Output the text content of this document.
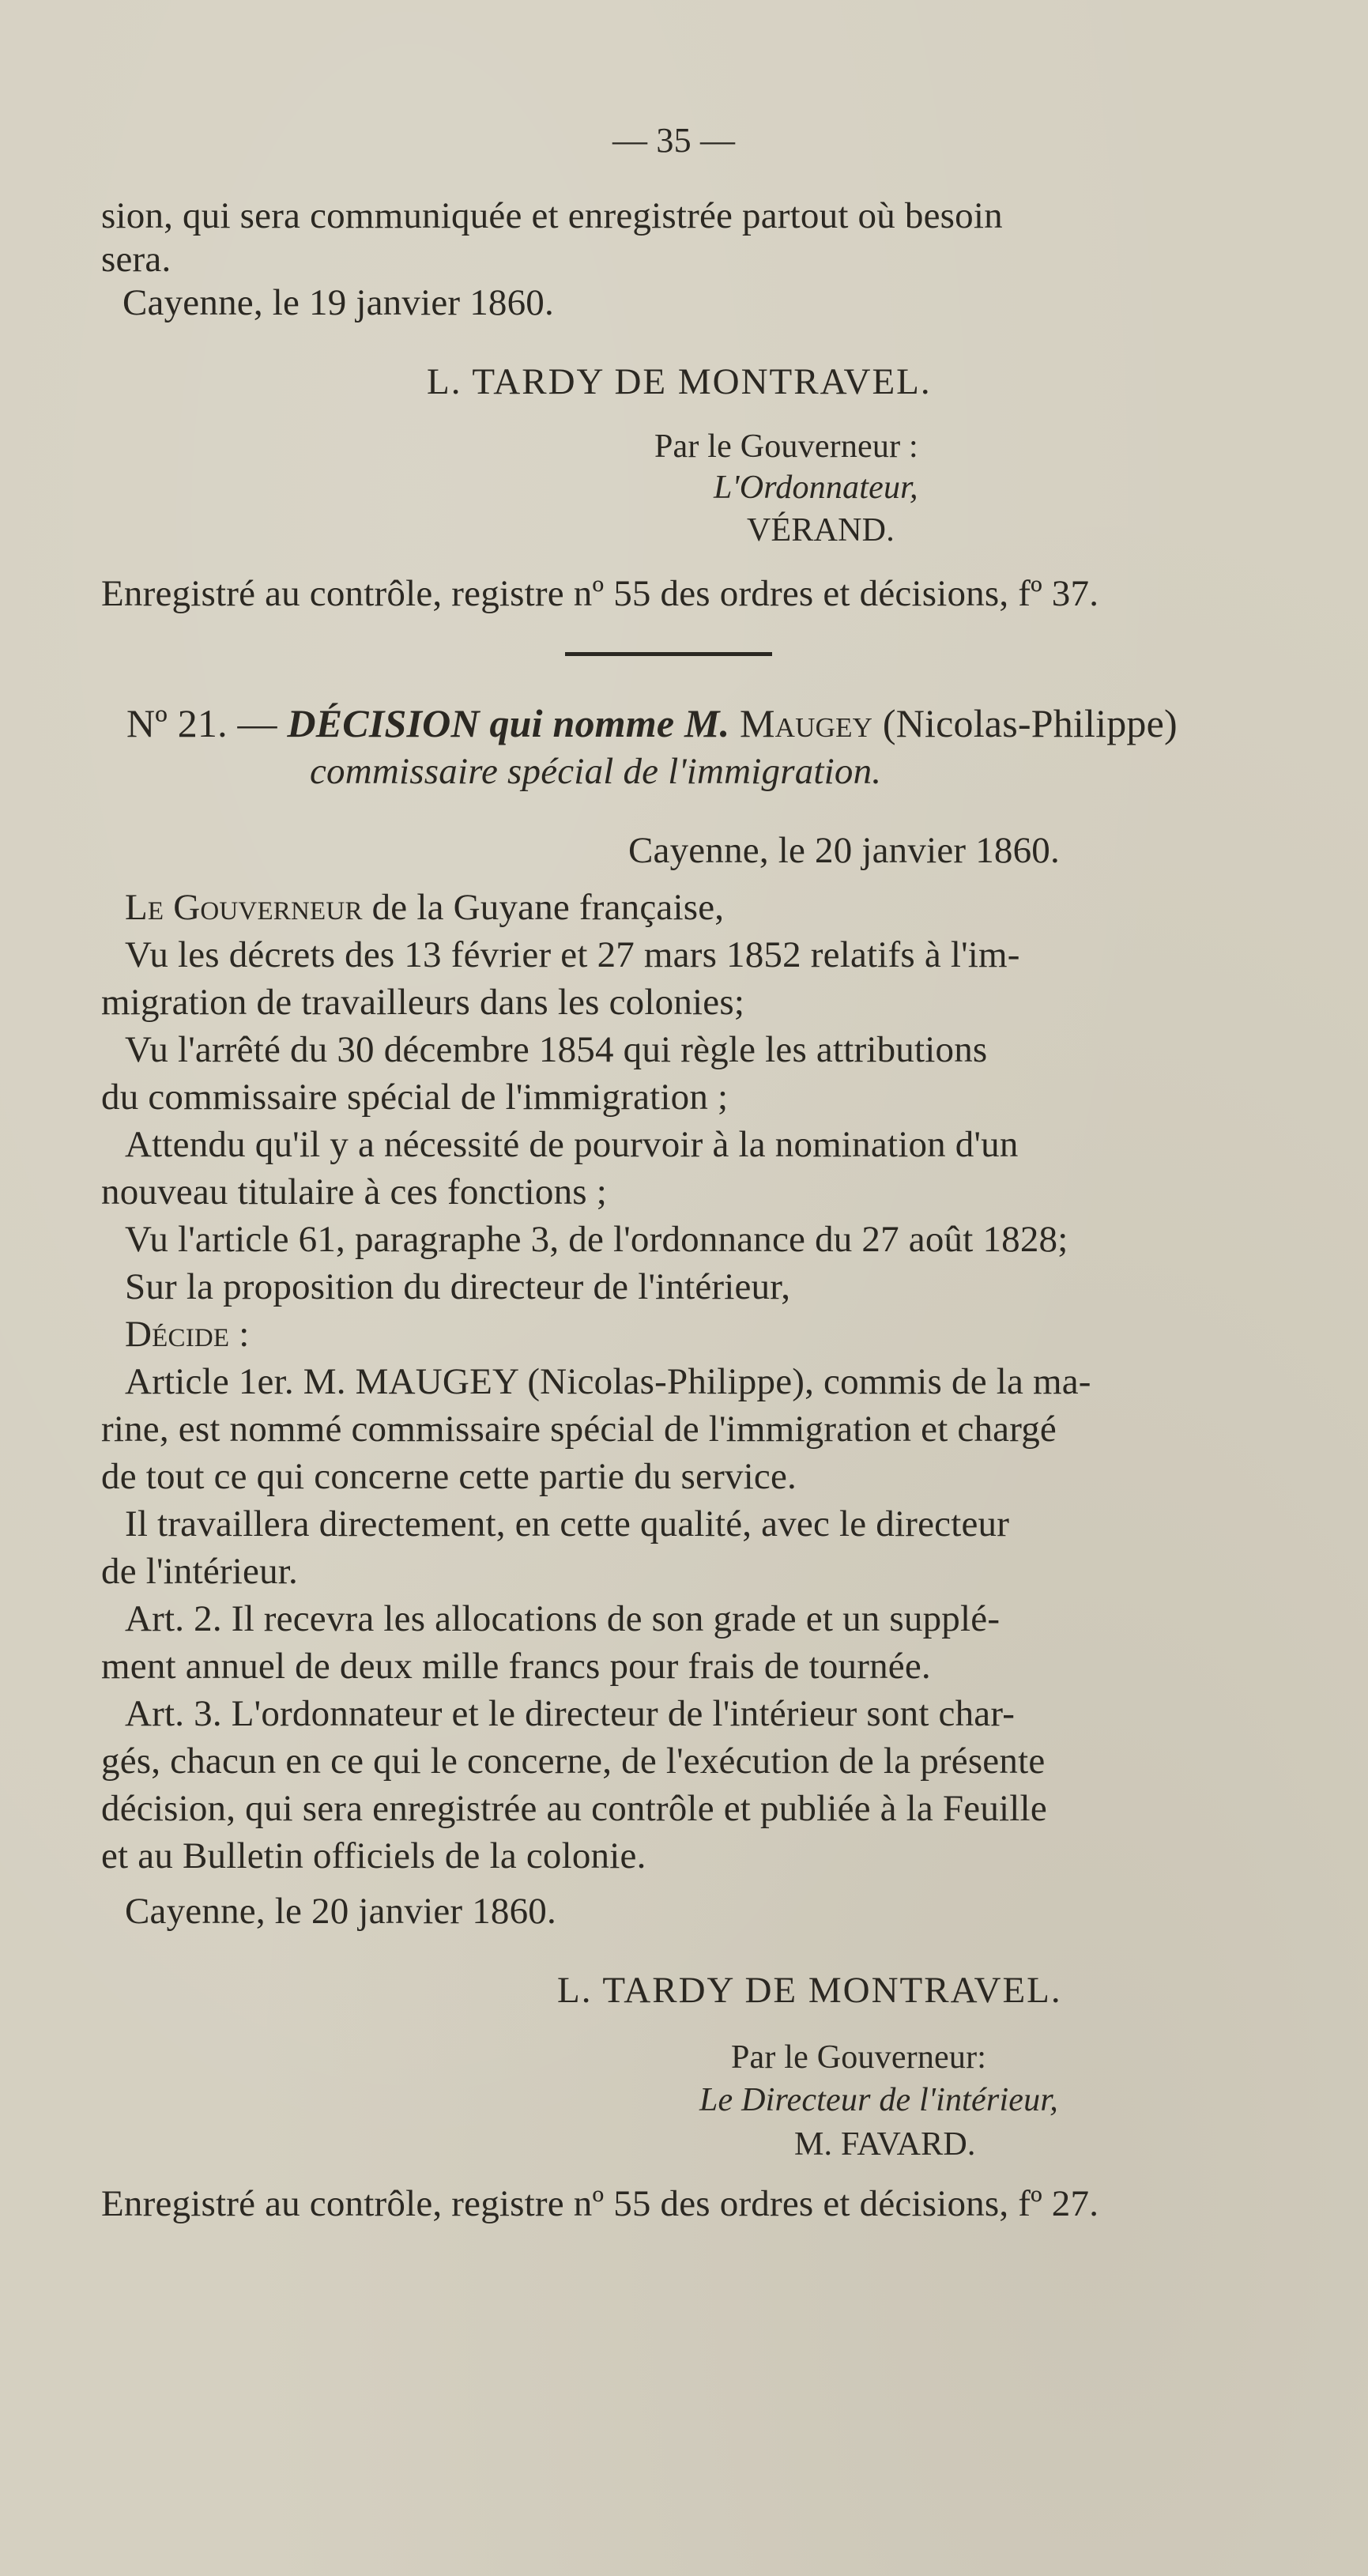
— 35 —
sion, qui sera communiquée et enregistrée partout où besoin
sera.
Cayenne, le 19 janvier 1860.
L. TARDY DE MONTRAVEL.
Par le Gouverneur :
L'Ordonnateur,
VÉRAND.
Enregistré au contrôle, registre nº 55 des ordres et décisions, fº 37.
Nº 21. — DÉCISION qui nomme M. Maugey (Nicolas-Philippe)
commissaire spécial de l'immigration.
Cayenne, le 20 janvier 1860.
Le Gouverneur de la Guyane française,
Vu les décrets des 13 février et 27 mars 1852 relatifs à l'im-
migration de travailleurs dans les colonies;
Vu l'arrêté du 30 décembre 1854 qui règle les attributions
du commissaire spécial de l'immigration ;
Attendu qu'il y a nécessité de pourvoir à la nomination d'un
nouveau titulaire à ces fonctions ;
Vu l'article 61, paragraphe 3, de l'ordonnance du 27 août 1828;
Sur la proposition du directeur de l'intérieur,
Décide :
Article 1er. M. MAUGEY (Nicolas-Philippe), commis de la ma-
rine, est nommé commissaire spécial de l'immigration et chargé
de tout ce qui concerne cette partie du service.
Il travaillera directement, en cette qualité, avec le directeur
de l'intérieur.
Art. 2. Il recevra les allocations de son grade et un supplé-
ment annuel de deux mille francs pour frais de tournée.
Art. 3. L'ordonnateur et le directeur de l'intérieur sont char-
gés, chacun en ce qui le concerne, de l'exécution de la présente
décision, qui sera enregistrée au contrôle et publiée à la Feuille
et au Bulletin officiels de la colonie.
Cayenne, le 20 janvier 1860.
L. TARDY DE MONTRAVEL.
Par le Gouverneur:
Le Directeur de l'intérieur,
M. FAVARD.
Enregistré au contrôle, registre nº 55 des ordres et décisions, fº 27.
